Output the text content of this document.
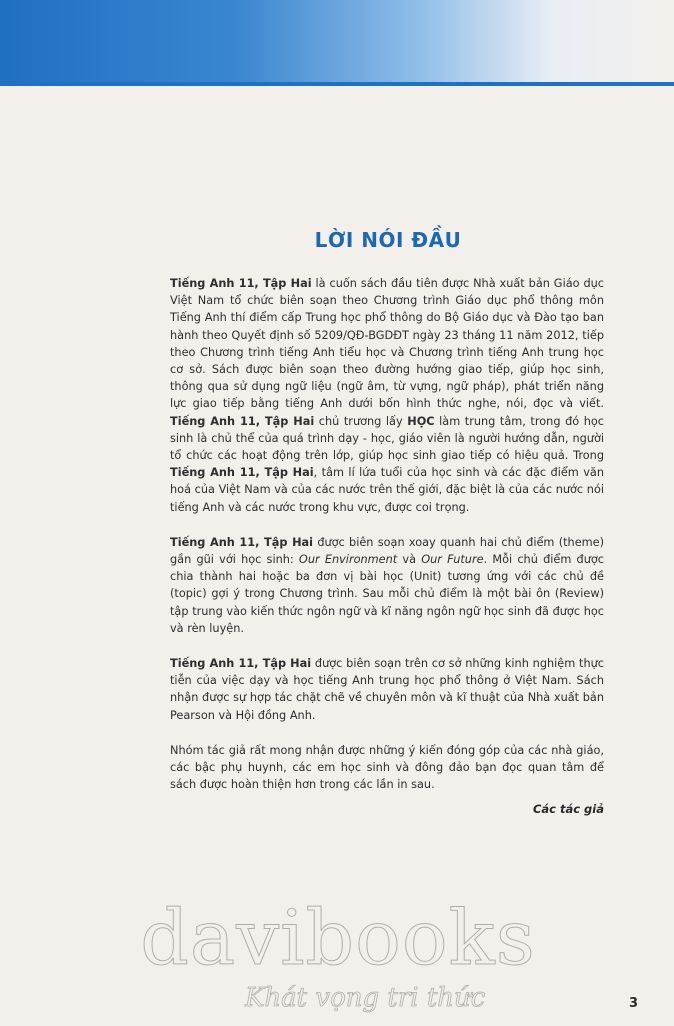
LỜI NÓI ĐẦU

Tiếng Anh 11, Tập Hai là cuốn sách đầu tiên được Nhà xuất bản Giáo dục Việt Nam tổ chức biên soạn theo Chương trình Giáo dục phổ thông môn Tiếng Anh thí điểm cấp Trung học phổ thông do Bộ Giáo dục và Đào tạo ban hành theo Quyết định số 5209/QĐ-BGDĐT ngày 23 tháng 11 năm 2012, tiếp theo Chương trình tiếng Anh tiểu học và Chương trình tiếng Anh trung học cơ sở. Sách được biên soạn theo đường hướng giao tiếp, giúp học sinh, thông qua sử dụng ngữ liệu (ngữ âm, từ vựng, ngữ pháp), phát triển năng lực giao tiếp bằng tiếng Anh dưới bốn hình thức nghe, nói, đọc và viết. Tiếng Anh 11, Tập Hai chủ trương lấy HỌC làm trung tâm, trong đó học sinh là chủ thể của quá trình dạy - học, giáo viên là người hướng dẫn, người tổ chức các hoạt động trên lớp, giúp học sinh giao tiếp có hiệu quả. Trong Tiếng Anh 11, Tập Hai, tâm lí lứa tuổi của học sinh và các đặc điểm văn hoá của Việt Nam và của các nước trên thế giới, đặc biệt là của các nước nói tiếng Anh và các nước trong khu vực, được coi trọng.

Tiếng Anh 11, Tập Hai được biên soạn xoay quanh hai chủ điểm (theme) gần gũi với học sinh: Our Environment và Our Future. Mỗi chủ điểm được chia thành hai hoặc ba đơn vị bài học (Unit) tương ứng với các chủ đề (topic) gợi ý trong Chương trình. Sau mỗi chủ điểm là một bài ôn (Review) tập trung vào kiến thức ngôn ngữ và kĩ năng ngôn ngữ học sinh đã được học và rèn luyện.

Tiếng Anh 11, Tập Hai được biên soạn trên cơ sở những kinh nghiệm thực tiễn của việc dạy và học tiếng Anh trung học phổ thông ở Việt Nam. Sách nhận được sự hợp tác chặt chẽ về chuyên môn và kĩ thuật của Nhà xuất bản Pearson và Hội đồng Anh.

Nhóm tác giả rất mong nhận được những ý kiến đóng góp của các nhà giáo, các bậc phụ huynh, các em học sinh và đông đảo bạn đọc quan tâm để sách được hoàn thiện hơn trong các lần in sau.

Các tác giả
davibooks
Khát vọng tri thức	3
